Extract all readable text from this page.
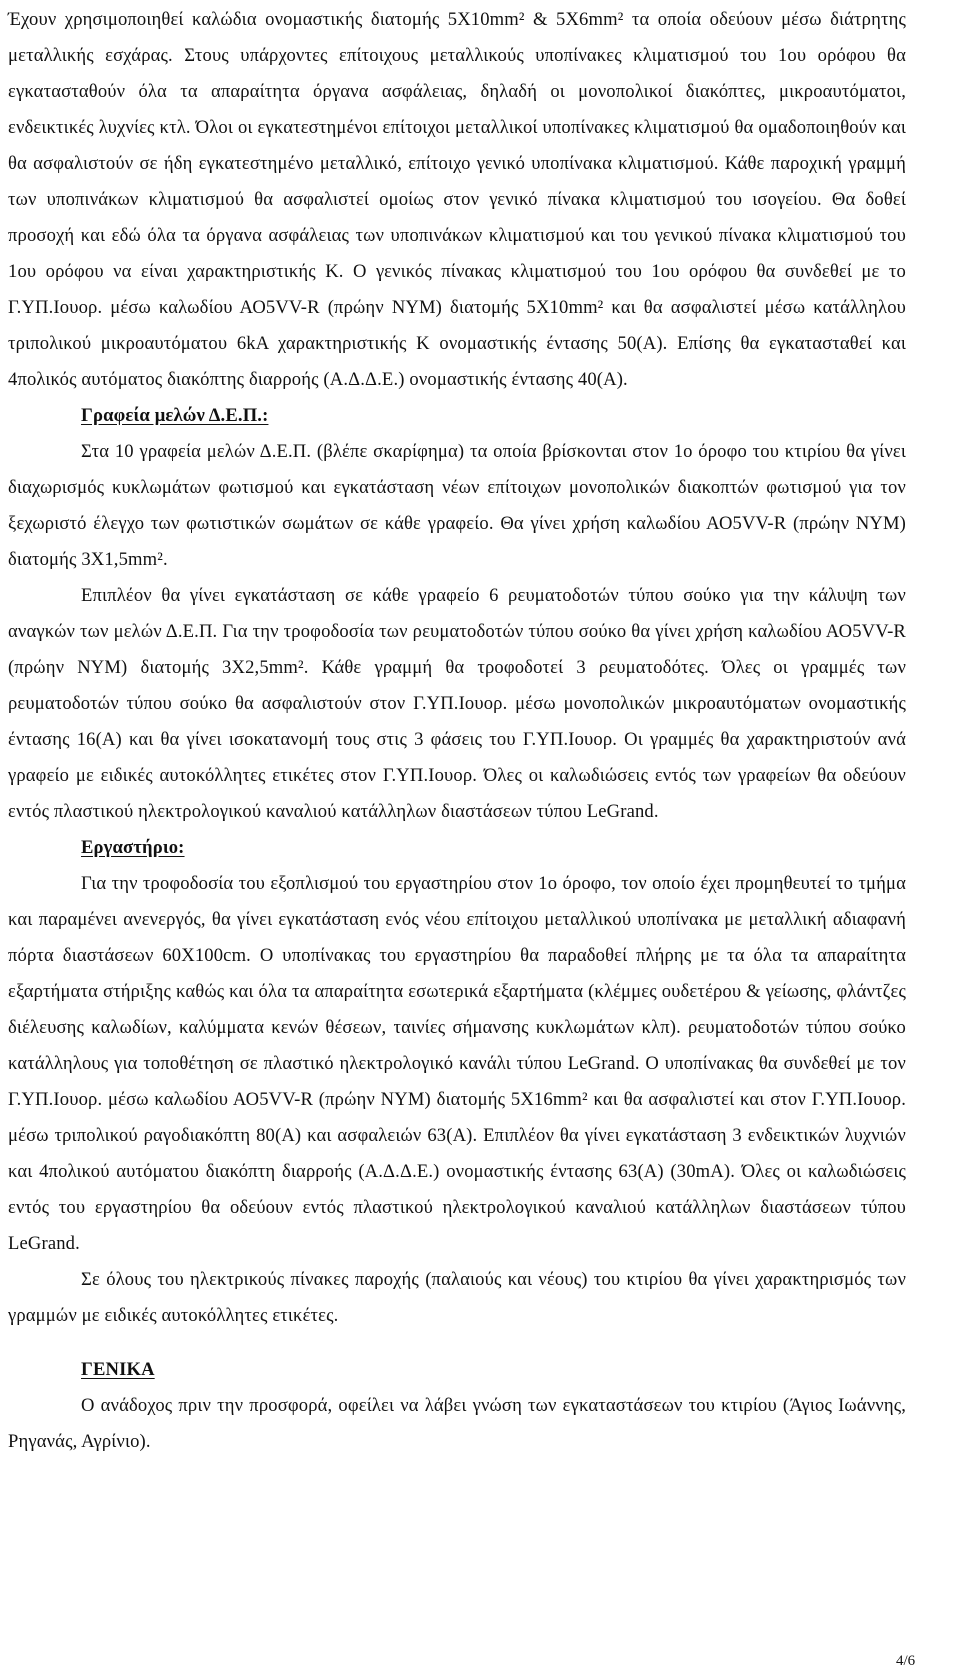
Έχουν χρησιμοποιηθεί καλώδια ονομαστικής διατομής 5Χ10mm² & 5Χ6mm² τα οποία οδεύουν μέσω διάτρητης μεταλλικής εσχάρας. Στους υπάρχοντες επίτοιχους μεταλλικούς υποπίνακες κλιματισμού του 1ου ορόφου θα εγκατασταθούν όλα τα απαραίτητα όργανα ασφάλειας, δηλαδή οι μονοπολικοί διακόπτες, μικροαυτόματοι, ενδεικτικές λυχνίες κτλ. Όλοι οι εγκατεστημένοι επίτοιχοι μεταλλικοί υποπίνακες κλιματισμού θα ομαδοποιηθούν και θα ασφαλιστούν σε ήδη εγκατεστημένο μεταλλικό, επίτοιχο γενικό υποπίνακα κλιματισμού. Κάθε παροχική γραμμή των υποπινάκων κλιματισμού θα ασφαλιστεί ομοίως στον γενικό πίνακα κλιματισμού του ισογείου. Θα δοθεί προσοχή και εδώ όλα τα όργανα ασφάλειας των υποπινάκων κλιματισμού και του γενικού πίνακα κλιματισμού του 1ου ορόφου να είναι χαρακτηριστικής Κ. Ο γενικός πίνακας κλιματισμού του 1ου ορόφου θα συνδεθεί με το Γ.ΥΠ.Iουορ. μέσω καλωδίου ΑΟ5VV-R (πρώην ΝΥΜ) διατομής 5Χ10mm² και θα ασφαλιστεί μέσω κατάλληλου τριπολικού μικροαυτόματου 6kA χαρακτηριστικής Κ ονομαστικής έντασης 50(Α). Επίσης θα εγκατασταθεί και 4πολικός αυτόματος διακόπτης διαρροής (Α.Δ.Δ.Ε.) ονομαστικής έντασης 40(Α).

Γραφεία μελών Δ.Ε.Π.:

Στα 10 γραφεία μελών Δ.Ε.Π. (βλέπε σκαρίφημα) τα οποία βρίσκονται στον 1ο όροφο του κτιρίου θα γίνει διαχωρισμός κυκλωμάτων φωτισμού και εγκατάσταση νέων επίτοιχων μονοπολικών διακοπτών φωτισμού για τον ξεχωριστό έλεγχο των φωτιστικών σωμάτων σε κάθε γραφείο. Θα γίνει χρήση καλωδίου ΑΟ5VV-R (πρώην ΝΥΜ) διατομής 3Χ1,5mm².

Επιπλέον θα γίνει εγκατάσταση σε κάθε γραφείο 6 ρευματοδοτών τύπου σούκο για την κάλυψη των αναγκών των μελών Δ.Ε.Π. Για την τροφοδοσία των ρευματοδοτών τύπου σούκο θα γίνει χρήση καλωδίου ΑΟ5VV-R (πρώην ΝΥΜ) διατομής 3Χ2,5mm². Κάθε γραμμή θα τροφοδοτεί 3 ρευματοδότες. Όλες οι γραμμές των ρευματοδοτών τύπου σούκο θα ασφαλιστούν στον Γ.ΥΠ.Iουορ. μέσω μονοπολικών μικροαυτόματων ονομαστικής έντασης 16(Α) και θα γίνει ισοκατανομή τους στις 3 φάσεις του Γ.ΥΠ.Iουορ. Οι γραμμές θα χαρακτηριστούν ανά γραφείο με ειδικές αυτοκόλλητες ετικέτες στον Γ.ΥΠ.Iουορ. Όλες οι καλωδιώσεις εντός των γραφείων θα οδεύουν εντός πλαστικού ηλεκτρολογικού καναλιού κατάλληλων διαστάσεων τύπου LeGrand.

Εργαστήριο:

Για την τροφοδοσία του εξοπλισμού του εργαστηρίου στον 1ο όροφο, τον οποίο έχει προμηθευτεί το τμήμα και παραμένει ανενεργός, θα γίνει εγκατάσταση ενός νέου επίτοιχου μεταλλικού υποπίνακα με μεταλλική αδιαφανή πόρτα διαστάσεων 60Χ100cm. Ο υποπίνακας του εργαστηρίου θα παραδοθεί πλήρης με τα όλα τα απαραίτητα εξαρτήματα στήριξης καθώς και όλα τα απαραίτητα εσωτερικά εξαρτήματα (κλέμμες ουδετέρου & γείωσης, φλάντζες διέλευσης καλωδίων, καλύμματα κενών θέσεων, ταινίες σήμανσης κυκλωμάτων κλπ). ρευματοδοτών τύπου σούκο κατάλληλους για τοποθέτηση σε πλαστικό ηλεκτρολογικό κανάλι τύπου LeGrand. Ο υποπίνακας θα συνδεθεί με τον Γ.ΥΠ.Iουορ. μέσω καλωδίου ΑΟ5VV-R (πρώην ΝΥΜ) διατομής 5Χ16mm² και θα ασφαλιστεί και στον Γ.ΥΠ.Iουορ. μέσω τριπολικού ραγοδιακόπτη 80(Α) και ασφαλειών 63(Α). Επιπλέον θα γίνει εγκατάσταση 3 ενδεικτικών λυχνιών και 4πολικού αυτόματου διακόπτη διαρροής (Α.Δ.Δ.Ε.) ονομαστικής έντασης 63(Α) (30mA). Όλες οι καλωδιώσεις εντός του εργαστηρίου θα οδεύουν εντός πλαστικού ηλεκτρολογικού καναλιού κατάλληλων διαστάσεων τύπου LeGrand.

Σε όλους του ηλεκτρικούς πίνακες παροχής (παλαιούς και νέους) του κτιρίου θα γίνει χαρακτηρισμός των γραμμών με ειδικές αυτοκόλλητες ετικέτες.

ΓΕΝΙΚΑ

Ο ανάδοχος πριν την προσφορά, οφείλει να λάβει γνώση των εγκαταστάσεων του κτιρίου (Άγιος Ιωάννης, Ρηγανάς, Αγρίνιο).

4/6
